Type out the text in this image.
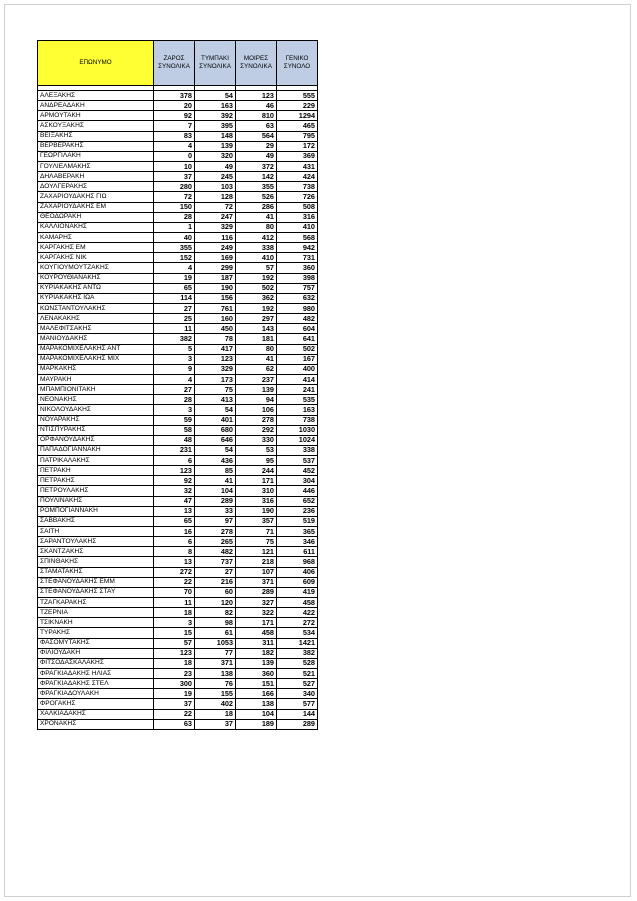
ΕΠΩΝΥΜΟ	ΖΑΡΟΣ ΣΥΝΟΛΙΚΑ	ΤΥΜΠΑΚΙ ΣΥΝΟΛΙΚΑ	ΜΟΙΡΕΣ ΣΥΝΟΛΙΚΑ	ΓΕΝΙΚΟ ΣΥΝΟΛΟ

ΑΛΕΞΑΚΗΣ	378	54	123	555
ΑΝΔΡΕΑΔΑΚΗ	20	163	46	229
ΑΡΜΟΥΤΑΚΗ	92	392	810	1294
ΑΣΚΟΥΞΑΚΗΣ	7	395	63	465
ΒΕΙΞΑΚΗΣ	83	148	564	795
ΒΕΡΒΕΡΑΚΗΣ	4	139	29	172
ΓΕΩΡΓΙΛΑΚΗ	0	320	49	369
ΓΟΥΛΙΕΛΜΑΚΗΣ	10	49	372	431
ΔΗΛΑΒΕΡΑΚΗ	37	245	142	424
ΔΟΥΛΓΕΡΑΚΗΣ	280	103	355	738
ΖΑΧΑΡΙΟΥΔΑΚΗΣ ΓΙΩ	72	128	526	726
ΖΑΧΑΡΙΟΥΔΑΚΗΣ ΕΜ	150	72	286	508
ΘΕΟΔΩΡΑΚΗ	28	247	41	316
ΚΑΛΛΙΟΝΑΚΗΣ	1	329	80	410
ΚΑΜΑΡΗΣ	40	116	412	568
ΚΑΡΓΑΚΗΣ ΕΜ	355	249	338	942
ΚΑΡΓΑΚΗΣ ΝΙΚ	152	169	410	731
ΚΟΥΓΙΟΥΜΟΥΤΖΑΚΗΣ	4	299	57	360
ΚΟΥΡΟΥΘΙΑΝΑΚΗΣ	19	187	192	398
ΚΥΡΙΑΚΑΚΗΣ ΑΝΤΩ	65	190	502	757
ΚΥΡΙΑΚΑΚΗΣ ΙΩΑ	114	156	362	632
ΚΩΝΣΤΑΝΤΟΥΛΑΚΗΣ	27	761	192	980
ΛΕΝΑΚΑΚΗΣ	25	160	297	482
ΜΑΛΕΦΙΤΣΑΚΗΣ	11	450	143	604
ΜΑΝΙΟΥΔΑΚΗΣ	382	78	181	641
ΜΑΡΑΚΟΜΙΧΕΛΑΚΗΣ ΑΝΤ	5	417	80	502
ΜΑΡΑΚΟΜΙΧΕΛΑΚΗΣ ΜΙΧ	3	123	41	167
ΜΑΡΚΑΚΗΣ	9	329	62	400
ΜΑΥΡΑΚΗ	4	173	237	414
ΜΠΑΜΠΙΟΝΙΤΑΚΗ	27	75	139	241
ΝΕΟΝΑΚΗΣ	28	413	94	535
ΝΙΚΟΛΟΥΔΑΚΗΣ	3	54	106	163
ΝΟΥΑΡΑΚΗΣ	59	401	278	738
ΝΤΙΣΠΥΡΑΚΗΣ	58	680	292	1030
ΟΡΦΑΝΟΥΔΑΚΗΣ	48	646	330	1024
ΠΑΠΑΔΟΓΙΑΝΝΑΚΗ	231	54	53	338
ΠΑΤΡΙΚΑΛΑΚΗΣ	6	436	95	537
ΠΕΤΡΑΚΗ	123	85	244	452
ΠΕΤΡΑΚΗΣ	92	41	171	304
ΠΕΤΡΟΥΛΑΚΗΣ	32	104	310	446
ΠΟΥΛΙΝΑΚΗΣ	47	289	316	652
ΡΟΜΠΟΓΙΑΝΝΑΚΗ	13	33	190	236
ΣΑΒΒΑΚΗΣ	65	97	357	519
ΣΑΙΤΗ	16	278	71	365
ΣΑΡΑΝΤΟΥΛΑΚΗΣ	6	265	75	346
ΣΚΑΝΤΖΑΚΗΣ	8	482	121	611
ΣΠΙΝΘΑΚΗΣ	13	737	218	968
ΣΤΑΜΑΤΑΚΗΣ	272	27	107	406
ΣΤΕΦΑΝΟΥΔΑΚΗΣ ΕΜΜ	22	216	371	609
ΣΤΕΦΑΝΟΥΔΑΚΗΣ ΣΤΑΥ	70	60	289	419
ΤΖΑΓΚΑΡΑΚΗΣ	11	120	327	458
ΤΖΕΡΝΙΑ	18	82	322	422
ΤΣΙΚΝΑΚΗ	3	98	171	272
ΤΥΡΑΚΗΣ	15	61	458	534
ΦΑΣΟΜΥΤΑΚΗΣ	57	1053	311	1421
ΦΙΛΙΟΥΔΑΚΗ	123	77	182	382
ΦΙΤΣΟΔΑΣΚΑΛΑΚΗΣ	18	371	139	528
ΦΡΑΓΚΙΑΔΑΚΗΣ ΗΛΙΑΣ	23	138	360	521
ΦΡΑΓΚΙΑΔΑΚΗΣ ΣΤΕΛ	300	76	151	527
ΦΡΑΓΚΙΑΔΟΥΛΑΚΗ	19	155	166	340
ΦΡΟΓΑΚΗΣ	37	402	138	577
ΧΑΛΚΙΑΔΑΚΗΣ	22	18	104	144
ΧΡΟΝΑΚΗΣ	63	37	189	289
